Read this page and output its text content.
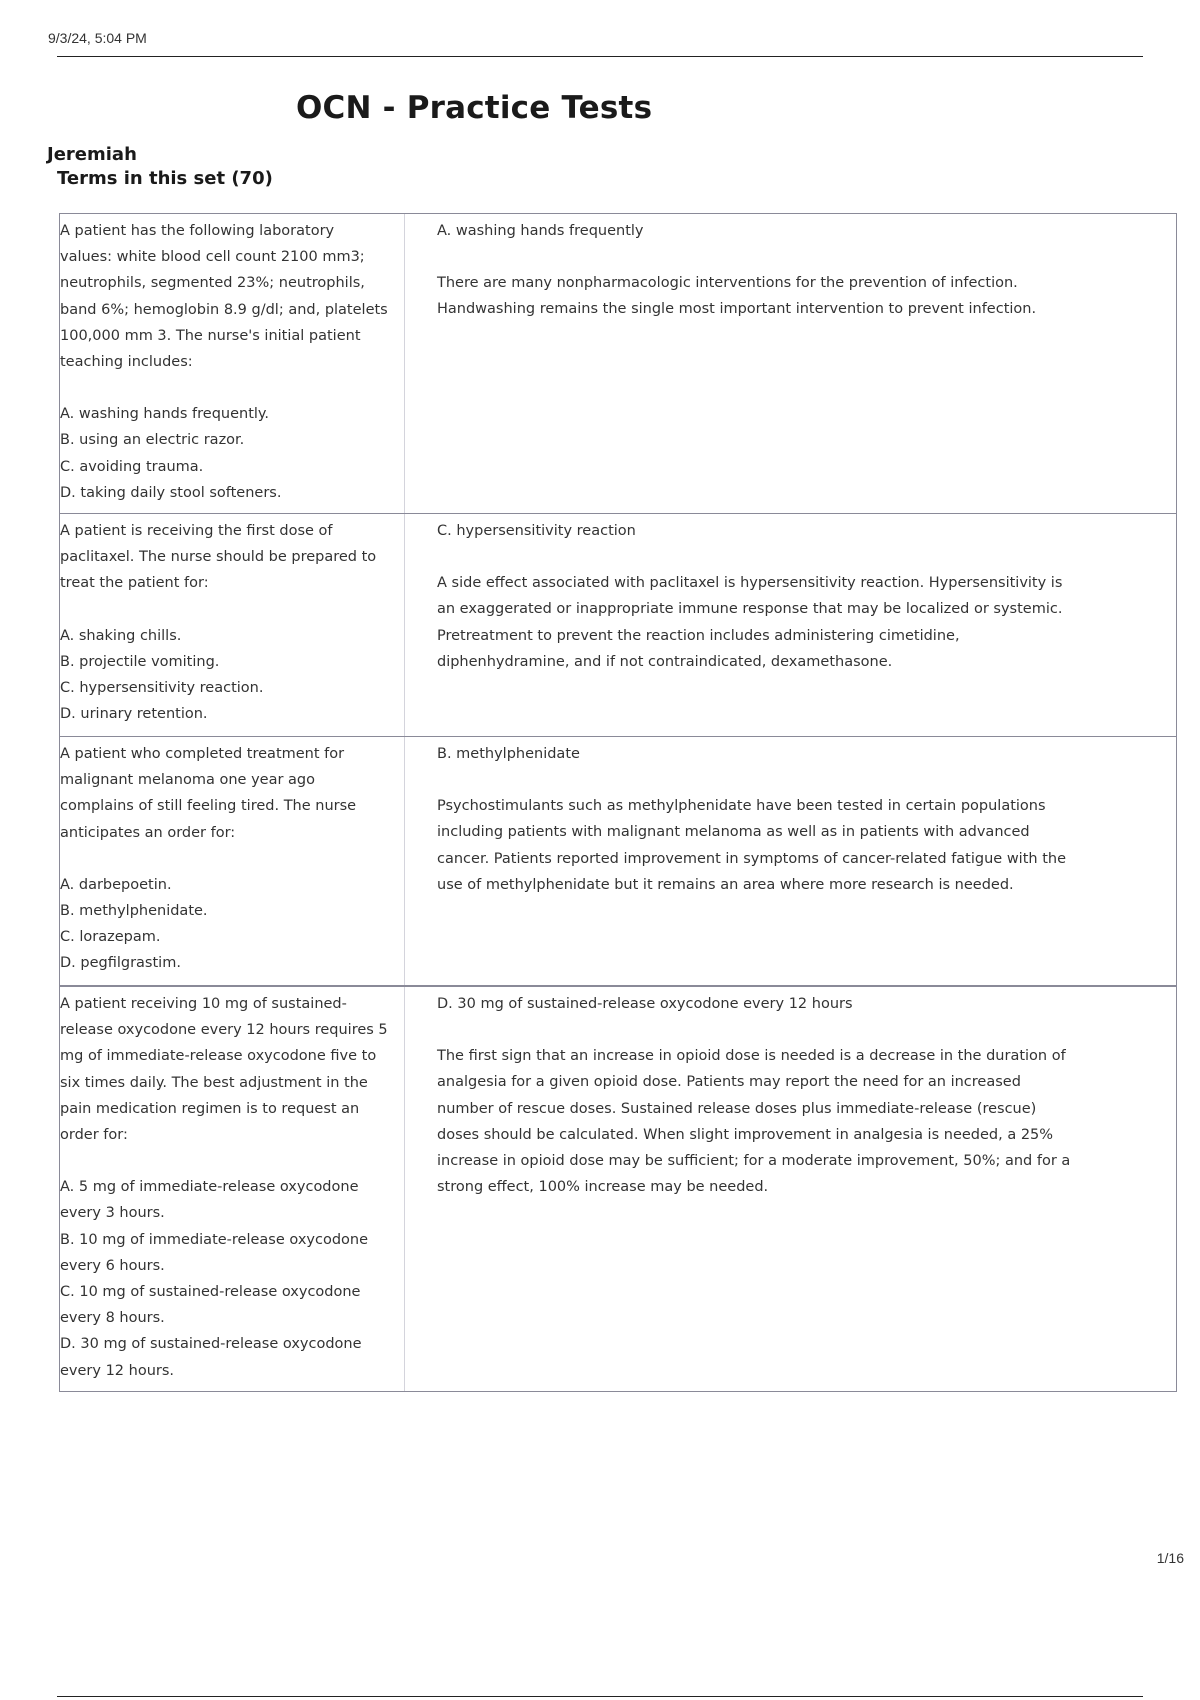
9/3/24, 5:04 PM
OCN - Practice Tests
Jeremiah
Terms in this set (70)
A patient has the following laboratory
values: white blood cell count 2100 mm3;
neutrophils, segmented 23%; neutrophils,
band 6%; hemoglobin 8.9 g/dl; and, platelets
100,000 mm 3. The nurse's initial patient
teaching includes:
A. washing hands frequently.
B. using an electric razor.
C. avoiding trauma.
D. taking daily stool softeners.
A. washing hands frequently
There are many nonpharmacologic interventions for the prevention of infection.
Handwashing remains the single most important intervention to prevent infection.
A patient is receiving the first dose of
paclitaxel. The nurse should be prepared to
treat the patient for:
A. shaking chills.
B. projectile vomiting.
C. hypersensitivity reaction.
D. urinary retention.
C. hypersensitivity reaction
A side effect associated with paclitaxel is hypersensitivity reaction. Hypersensitivity is
an exaggerated or inappropriate immune response that may be localized or systemic.
Pretreatment to prevent the reaction includes administering cimetidine,
diphenhydramine, and if not contraindicated, dexamethasone.
A patient who completed treatment for
malignant melanoma one year ago
complains of still feeling tired. The nurse
anticipates an order for:
A. darbepoetin.
B. methylphenidate.
C. lorazepam.
D. pegfilgrastim.
B. methylphenidate
Psychostimulants such as methylphenidate have been tested in certain populations
including patients with malignant melanoma as well as in patients with advanced
cancer. Patients reported improvement in symptoms of cancer-related fatigue with the
use of methylphenidate but it remains an area where more research is needed.
A patient receiving 10 mg of sustained-
release oxycodone every 12 hours requires 5
mg of immediate-release oxycodone five to
six times daily. The best adjustment in the
pain medication regimen is to request an
order for:
A. 5 mg of immediate-release oxycodone
every 3 hours.
B. 10 mg of immediate-release oxycodone
every 6 hours.
C. 10 mg of sustained-release oxycodone
every 8 hours.
D. 30 mg of sustained-release oxycodone
every 12 hours.
D. 30 mg of sustained-release oxycodone every 12 hours
The first sign that an increase in opioid dose is needed is a decrease in the duration of
analgesia for a given opioid dose. Patients may report the need for an increased
number of rescue doses. Sustained release doses plus immediate-release (rescue)
doses should be calculated. When slight improvement in analgesia is needed, a 25%
increase in opioid dose may be sufficient; for a moderate improvement, 50%; and for a
strong effect, 100% increase may be needed.
1/16
